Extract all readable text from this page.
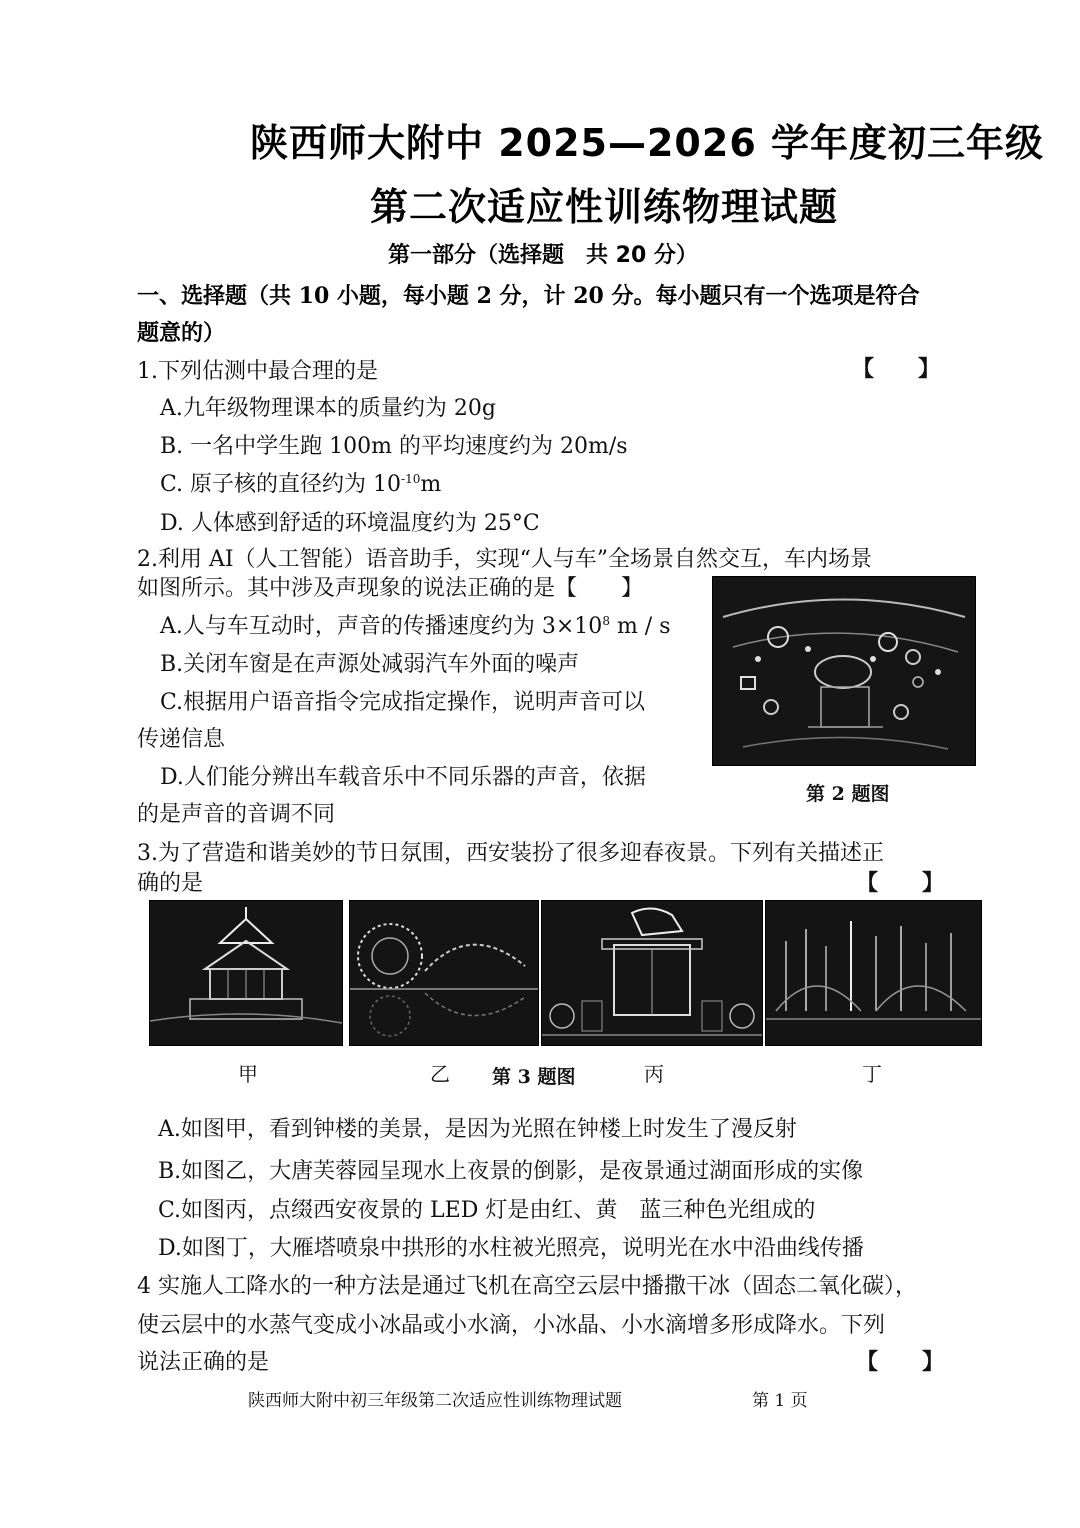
陕西师大附中 2025—2026 学年度初三年级
第二次适应性训练物理试题
第一部分（选择题　共 20 分）
一、选择题（共 10 小题，每小题 2 分，计 20 分。每小题只有一个选项是符合
题意的）
1.下列估测中最合理的是	【　　】
A.九年级物理课本的质量约为 20g
B. 一名中学生跑 100m 的平均速度约为 20m/s
C. 原子核的直径约为 $10^{-10}m$
D. 人体感到舒适的环境温度约为 25°C
2.利用 AI（人工智能）语音助手，实现“人与车”全场景自然交互，车内场景
如图所示。其中涉及声现象的说法正确的是【　　】
A.人与车互动时，声音的传播速度约为 $3\times 10^8$ m / s
B.关闭车窗是在声源处减弱汽车外面的噪声
C.根据用户语音指令完成指定操作，说明声音可以
传递信息
D.人们能分辨出车载音乐中不同乐器的声音，依据
的是声音的音调不同
第 2 题图
3.为了营造和谐美妙的节日氛围，西安装扮了很多迎春夜景。下列有关描述正
确的是	【　　】
甲	乙 第 3 题图	丙	丁
A.如图甲，看到钟楼的美景，是因为光照在钟楼上时发生了漫反射
B.如图乙，大唐芙蓉园呈现水上夜景的倒影，是夜景通过湖面形成的实像
C.如图丙，点缀西安夜景的 LED 灯是由红、黄　蓝三种色光组成的
D.如图丁，大雁塔喷泉中拱形的水柱被光照亮，说明光在水中沿曲线传播
4 实施人工降水的一种方法是通过飞机在高空云层中播撒干冰（固态二氧化碳），
使云层中的水蒸气变成小冰晶或小水滴，小冰晶、小水滴增多形成降水。下列
说法正确的是	【　　】
陕西师大附中初三年级第二次适应性训练物理试题	第 1 页
